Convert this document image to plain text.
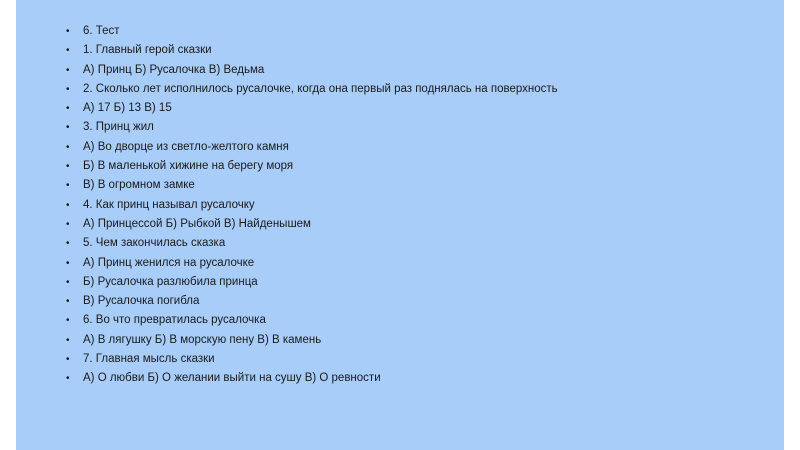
• 6. Тест
• 1. Главный герой сказки
• А) Принц Б) Русалочка В) Ведьма
• 2. Сколько лет исполнилось русалочке, когда она первый раз поднялась на поверхность
• А) 17 Б) 13 В) 15
• 3. Принц жил
• А) Во дворце из светло-желтого камня
• Б) В маленькой хижине на берегу моря
• В) В огромном замке
• 4. Как принц называл русалочку
• А) Принцессой Б) Рыбкой В) Найденышем
• 5. Чем закончилась сказка
• А) Принц женился на русалочке
• Б) Русалочка разлюбила принца
• В) Русалочка погибла
• 6. Во что превратилась русалочка
• А) В лягушку Б) В морскую пену В) В камень
• 7. Главная мысль сказки
• А) О любви Б) О желании выйти на сушу В) О ревности
